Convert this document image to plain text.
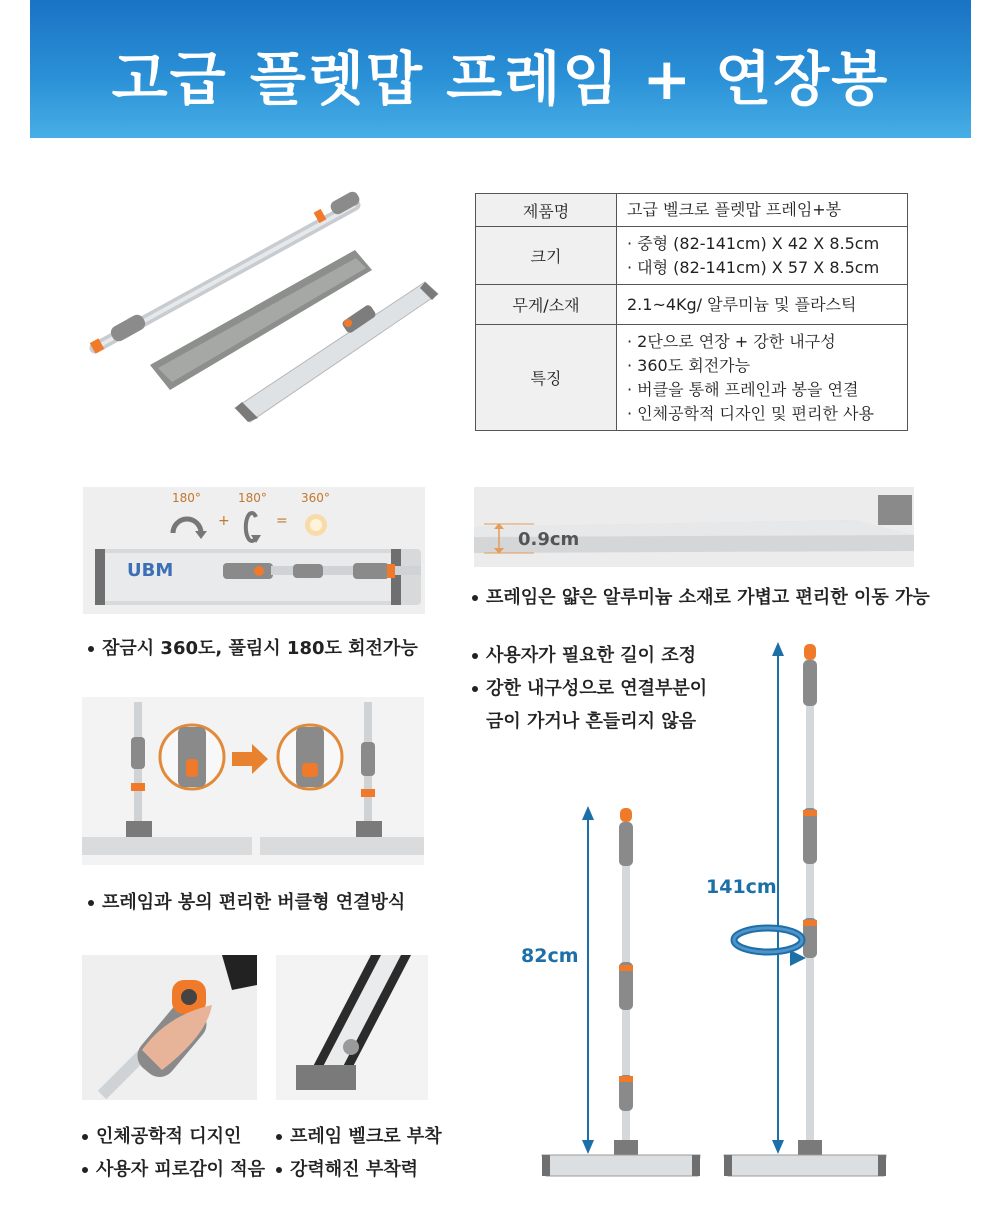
고급 플렛맙 프레임 + 연장봉
제품명	고급 벨크로 플렛맙 프레임+봉

크기	· 중형 (82-141cm) X 42 X 8.5cm
· 대형 (82-141cm) X 57 X 8.5cm

무게/소재	2.1~4Kg/ 알루미늄 및 플라스틱

특징	· 2단으로 연장 + 강한 내구성
· 360도 회전가능
· 버클을 통해 프레인과 봉을 연결
· 인체공학적 디자인 및 편리한 사용
180°	180°	360°
+	=
UBM
0.9cm
프레임은 얇은 알루미늄 소재로 가볍고 편리한 이동 가능
잠금시 360도, 풀림시 180도 회전가능	사용자가 필요한 길이 조정
강한 내구성으로 연결부분이
금이 가거나 흔들리지 않음
프레임과 봉의 편리한 버클형 연결방식
인체공학적 디지인
사용자 피로감이 적음
프레임 벨크로 부착
강력해진 부착력
82cm
141cm
